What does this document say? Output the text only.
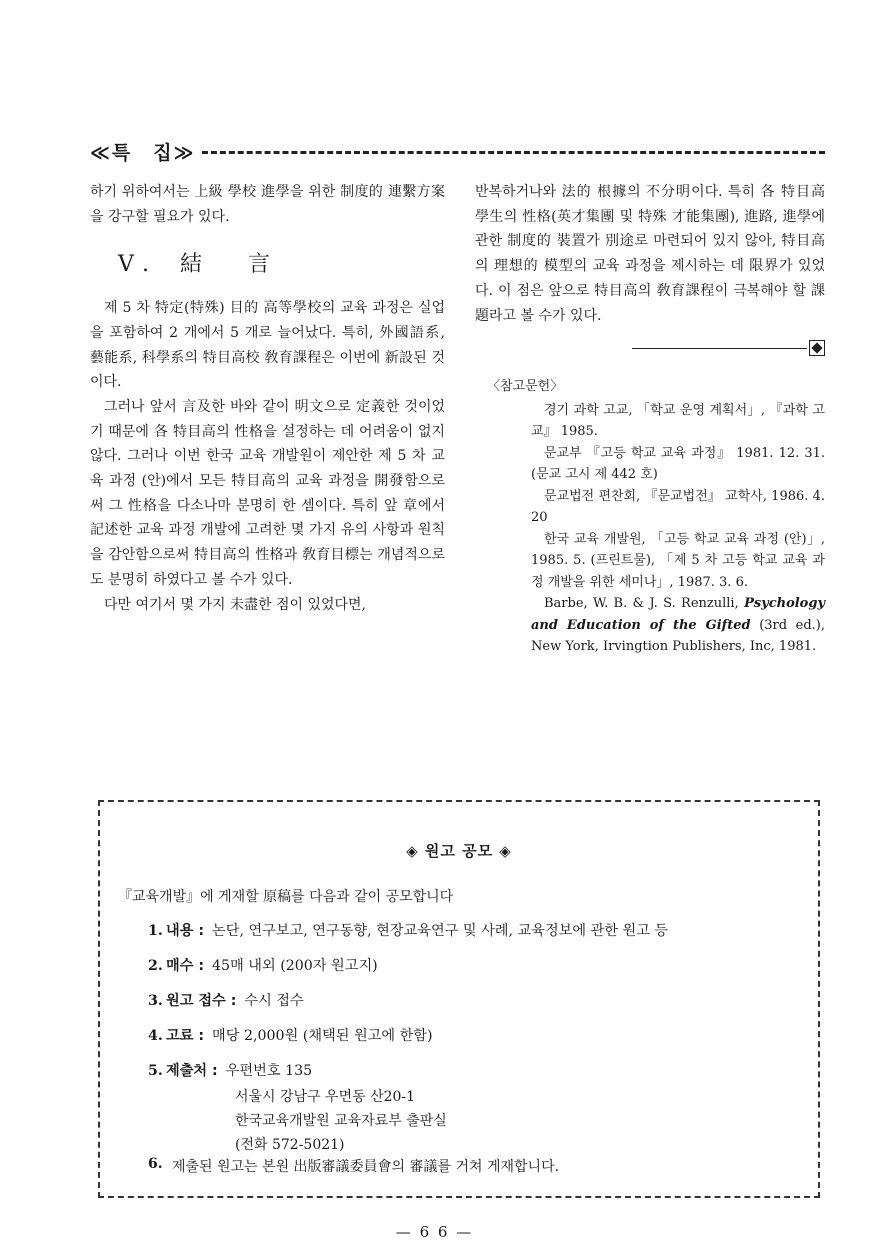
≪특　집≫

하기 위하여서는 上級 學校 進學을 위한 制度的 連繫方案을 강구할 필요가 있다.

V. 結　言

제 5 차 特定(特殊) 目的 高等學校의 교육 과정은 실업을 포함하여 2 개에서 5 개로 늘어났다. 특히, 外國語系, 藝能系, 科學系의 特目高校 敎育課程은 이번에 新設된 것이다.

그러나 앞서 言及한 바와 같이 明文으로 定義한 것이었기 때문에 各 特目高의 性格을 설정하는 데 어려움이 없지 않다. 그러나 이번 한국 교육 개발원이 제안한 제 5 차 교육 과정 (안)에서 모든 特目高의 교육 과정을 開發함으로써 그 性格을 다소나마 분명히 한 셈이다. 특히 앞 章에서 記述한 교육 과정 개발에 고려한 몇 가지 유의 사항과 원칙을 감안함으로써 特目高의 性格과 敎育目標는 개념적으로도 분명히 하였다고 볼 수가 있다.

다만 여기서 몇 가지 未盡한 점이 있었다면,

반복하거나와 法的 根據의 不分明이다. 특히 各 特目高 學生의 性格(英才集團 및 特殊 才能集團), 進路, 進學에 관한 制度的 裝置가 別途로 마련되어 있지 않아, 特目高의 理想的 模型의 교육 과정을 제시하는 데 限界가 있었다. 이 점은 앞으로 特目高의 敎育課程이 극복해야 할 課題라고 볼 수가 있다.

〈참고문헌〉

경기 과학 고교, 「학교 운영 계획서」, 『과학 고교』 1985.

문교부 『고등 학교 교육 과정』 1981. 12. 31. (문교 고시 제 442 호)

문교법전 편찬회, 『문교법전』 교학사, 1986. 4. 20

한국 교육 개발원, 「고등 학교 교육 과정 (안)」, 1985. 5. (프린트물), 「제 5 차 고등 학교 교육 과정 개발을 위한 세미나」, 1987. 3. 6.

Barbe, W. B. & J. S. Renzulli, Psychology and Education of the Gifted (3rd ed.), New York, Irvingtion Publishers, Inc, 1981.

◈ 원고 공모 ◈
『교육개발』에 게재할 原稿를 다음과 같이 공모합니다
1. 내용 : 논단, 연구보고, 연구동향, 현장교육연구 및 사례, 교육정보에 관한 원고 등
2. 매수 : 45매 내외 (200자 원고지)
3. 원고 접수 : 수시 접수
4. 고료 : 매당 2,000원 (채택된 원고에 한함)
5. 제출처 : 우편번호 135
서울시 강남구 우면동 산20-1
한국교육개발원 교육자료부 출판실
(전화 572-5021)
6. 제출된 원고는 본원 出版審議委員會의 審議를 거쳐 게재합니다.
— 6 6 —
